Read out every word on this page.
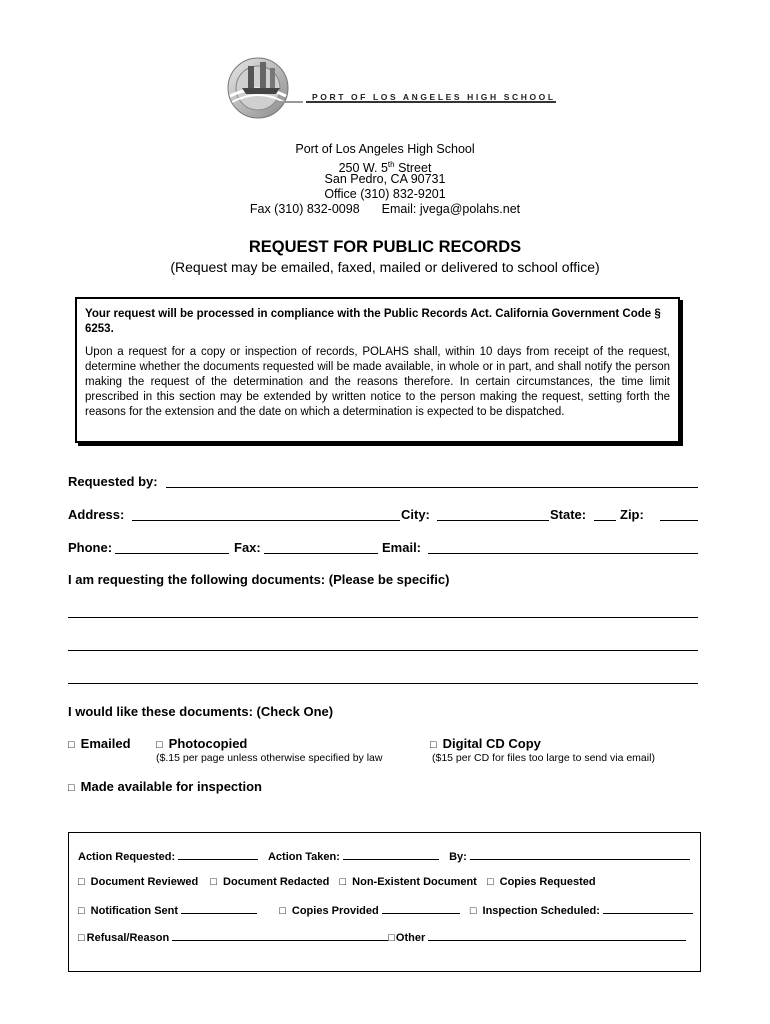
PORT OF LOS ANGELES HIGH SCHOOL
Port of Los Angeles High School
250 W. 5th Street
San Pedro, CA 90731
Office (310) 832-9201
Fax (310) 832-0098 Email: jvega@polahs.net
REQUEST FOR PUBLIC RECORDS
(Request may be emailed, faxed, mailed or delivered to school office)
Your request will be processed in compliance with the Public Records Act. California Government Code § 6253.
Upon a request for a copy or inspection of records, POLAHS shall, within 10 days from receipt of the request, determine whether the documents requested will be made available, in whole or in part, and shall notify the person making the request of the determination and the reasons therefore. In certain circumstances, the time limit prescribed in this section may be extended by written notice to the person making the request, setting forth the reasons for the extension and the date on which a determination is expected to be dispatched.
Requested by:
Address:	City:	State:	Zip:
Phone:	Fax:	Email:
I am requesting the following documents: (Please be specific)
I would like these documents: (Check One)
□ Emailed □ Photocopied
($.15 per page unless otherwise specified by law
□ Digital CD Copy
($15 per CD for files too large to send via email)
□ Made available for inspection
Action Requested:	Action Taken:	By:
□ Document Reviewed □ Document Redacted □ Non-Existent Document □ Copies Requested
□ Notification Sent	□ Copies Provided	□ Inspection Scheduled:
□ Refusal/Reason	□Other
